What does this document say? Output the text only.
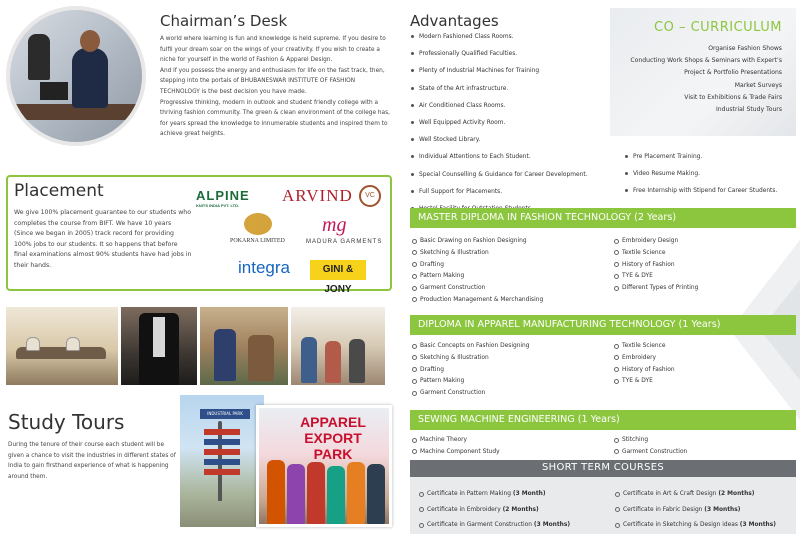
Chairman’s Desk

A world where learning is fun and knowledge is held supreme. If you desire to fulfil your dream soar on the wings of your creativity. If you wish to create a niche for yourself in the world of Fashion & Apparel Design.

And if you possess the energy and enthusiasm for life on the fast track, then, stepping into the portals of BHUBANESWAR INSTITUTE OF FASHION TECHNOLOGY is the best decision you have made.

Progressive thinking, modern in outlook and student friendly college with a thriving fashion community. The green & clean environment of the college has, for years spread the knowledge to innumerable students and inspired them to achieve great heights.

Placement
We give 100% placement guarantee to our students who completes the course from BIFT. We have 10 years (Since we began in 2005) track record for providing 100% jobs to our students. It so happens that before final examinations almost 90% students have had jobs in their hands.
ALPINE
KNITS INDIA PVT. LTD.
ARVIND	VC
POKARNA LIMITED
mg
MADURA GARMENTS
integra	GINI & JONY
Study Tours
During the tenure of their course each student will be given a chance to visit the industries in different states of India to gain firsthand experience of what is happening around them.
INDUSTRIAL PARK
APPAREL EXPORT PARK
Advantages
Modern Fashioned Class Rooms.
Professionally Qualified Faculties.
Plenty of Industrial Machines for Training
State of the Art infrastructure.
Air Conditioned Class Rooms.
Well Equipped Activity Room.
Well Stocked Library.
Individual Attentions to Each Student.
Special Counselling & Guidance for Career Development.
Full Support for Placements.
Pre Placement Training.
Video Resume Making.
Free Internship with Stipend for Career Students.
CO – CURRICULUM
Organise Fashion Shows
Conducting Work Shops & Seminars with Expert’s
Project & Portfolio Presentations
Market Surveys
Visit to Exhibitions & Trade Fairs
Industrial Study Tours
MASTER DIPLOMA IN FASHION TECHNOLOGY (2 Years)
Basic Drawing on Fashion Designing
Sketching & Illustration
Drafting
Pattern Making
Garment Construction
Production Management & Merchandising
Embroidery Design
Textile Science
History of Fashion
TYE & DYE
Different Types of Printing
DIPLOMA IN APPAREL MANUFACTURING TECHNOLOGY (1 Years)
Basic Concepts on Fashion Designing
Sketching & Illustration
Drafting
Pattern Making
Garment Construction
Textile Science
Embroidery
History of Fashion
TYE & DYE
SEWING MACHINE ENGINEERING (1 Years)
Machine Theory
Machine Component Study
Stitching
Garment Construction
SHORT TERM COURSES
Certificate in Pattern Making (3 Month)
Certificate in Embroidery (2 Months)
Certificate in Garment Construction (3 Months)
Certificate in Art & Craft Design (2 Months)
Certificate in Fabric Design (3 Months)
Certificate in Sketching & Design ideas (3 Months)
